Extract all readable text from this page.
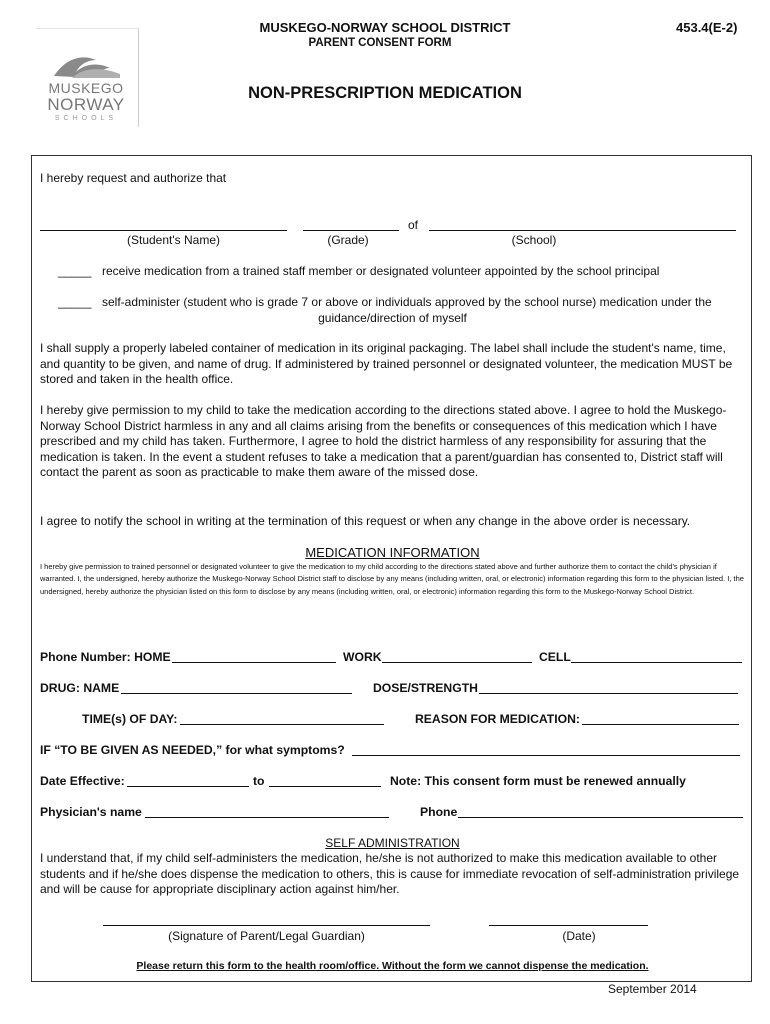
MUSKEGO-NORWAY SCHOOL DISTRICT
PARENT CONSENT FORM
453.4(E-2)
MUSKEGO
NORWAY
SCHOOLS
NON-PRESCRIPTION MEDICATION
I hereby request and authorize that
of
(Student's Name)	(Grade)	(School)
_____ receive medication from a trained staff member or designated volunteer appointed by the school principal
_____ self-administer (student who is grade 7 or above or individuals approved by the school nurse) medication under the
guidance/direction of myself
I shall supply a properly labeled container of medication in its original packaging. The label shall include the student's name, time, and quantity to be given, and name of drug. If administered by trained personnel or designated volunteer, the medication MUST be stored and taken in the health office.
I hereby give permission to my child to take the medication according to the directions stated above. I agree to hold the Muskego-Norway School District harmless in any and all claims arising from the benefits or consequences of this medication which I have prescribed and my child has taken. Furthermore, I agree to hold the district harmless of any responsibility for assuring that the medication is taken. In the event a student refuses to take a medication that a parent/guardian has consented to, District staff will contact the parent as soon as practicable to make them aware of the missed dose.
I agree to notify the school in writing at the termination of this request or when any change in the above order is necessary.
MEDICATION INFORMATION
I hereby give permission to trained personnel or designated volunteer to give the medication to my child according to the directions stated above and further authorize them to contact the child's physician if warranted. I, the undersigned, hereby authorize the Muskego-Norway School District staff to disclose by any means (including written, oral, or electronic) information regarding this form to the physician listed. I, the undersigned, hereby authorize the physician listed on this form to disclose by any means (including written, oral, or electronic) information regarding this form to the Muskego-Norway School District.
Phone Number: HOME	WORK	CELL
DRUG: NAME	DOSE/STRENGTH
TIME(s) OF DAY:	REASON FOR MEDICATION:
IF “TO BE GIVEN AS NEEDED,” for what symptoms?
Date Effective:	to	Note: This consent form must be renewed annually
Physician's name	Phone
SELF ADMINISTRATION
I understand that, if my child self-administers the medication, he/she is not authorized to make this medication available to other students and if he/she does dispense the medication to others, this is cause for immediate revocation of self-administration privilege and will be cause for appropriate disciplinary action against him/her.
(Signature of Parent/Legal Guardian)	(Date)
Please return this form to the health room/office. Without the form we cannot dispense the medication.
September 2014
